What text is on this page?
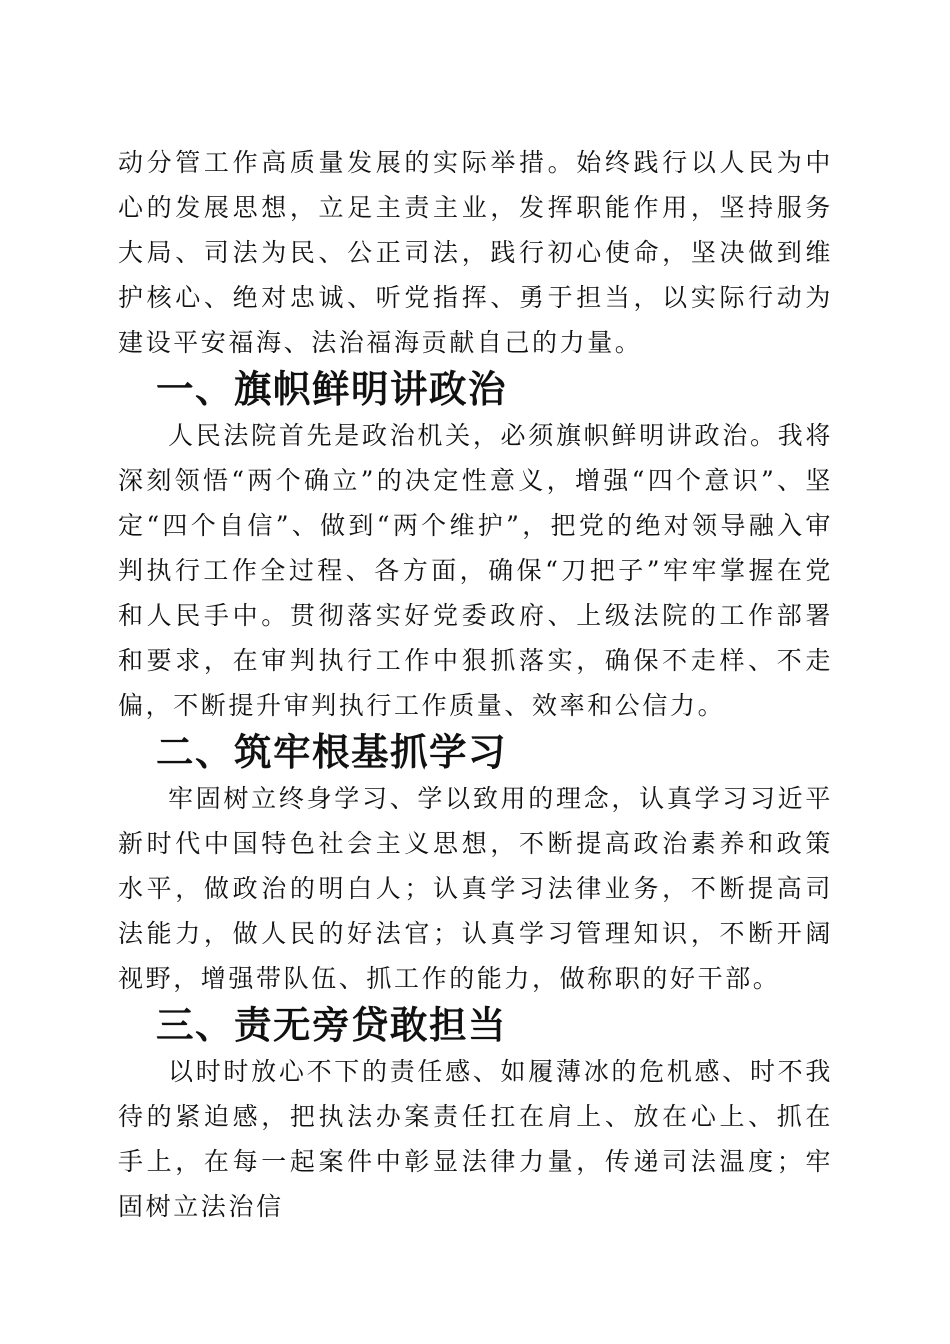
动分管工作高质量发展的实际举措。始终践行以人民为中心的发展思想，立足主责主业，发挥职能作用，坚持服务大局、司法为民、公正司法，践行初心使命，坚决做到维护核心、绝对忠诚、听党指挥、勇于担当，以实际行动为建设平安福海、法治福海贡献自己的力量。

一、旗帜鲜明讲政治

人民法院首先是政治机关，必须旗帜鲜明讲政治。我将深刻领悟“两个确立”的决定性意义，增强“四个意识”、坚定“四个自信”、做到“两个维护”，把党的绝对领导融入审判执行工作全过程、各方面，确保“刀把子”牢牢掌握在党和人民手中。贯彻落实好党委政府、上级法院的工作部署和要求，在审判执行工作中狠抓落实，确保不走样、不走偏，不断提升审判执行工作质量、效率和公信力。

二、筑牢根基抓学习

牢固树立终身学习、学以致用的理念，认真学习习近平新时代中国特色社会主义思想，不断提高政治素养和政策水平，做政治的明白人；认真学习法律业务，不断提高司法能力，做人民的好法官；认真学习管理知识，不断开阔视野，增强带队伍、抓工作的能力，做称职的好干部。

三、责无旁贷敢担当

以时时放心不下的责任感、如履薄冰的危机感、时不我待的紧迫感，把执法办案责任扛在肩上、放在心上、抓在手上，在每一起案件中彰显法律力量，传递司法温度；牢固树立法治信
